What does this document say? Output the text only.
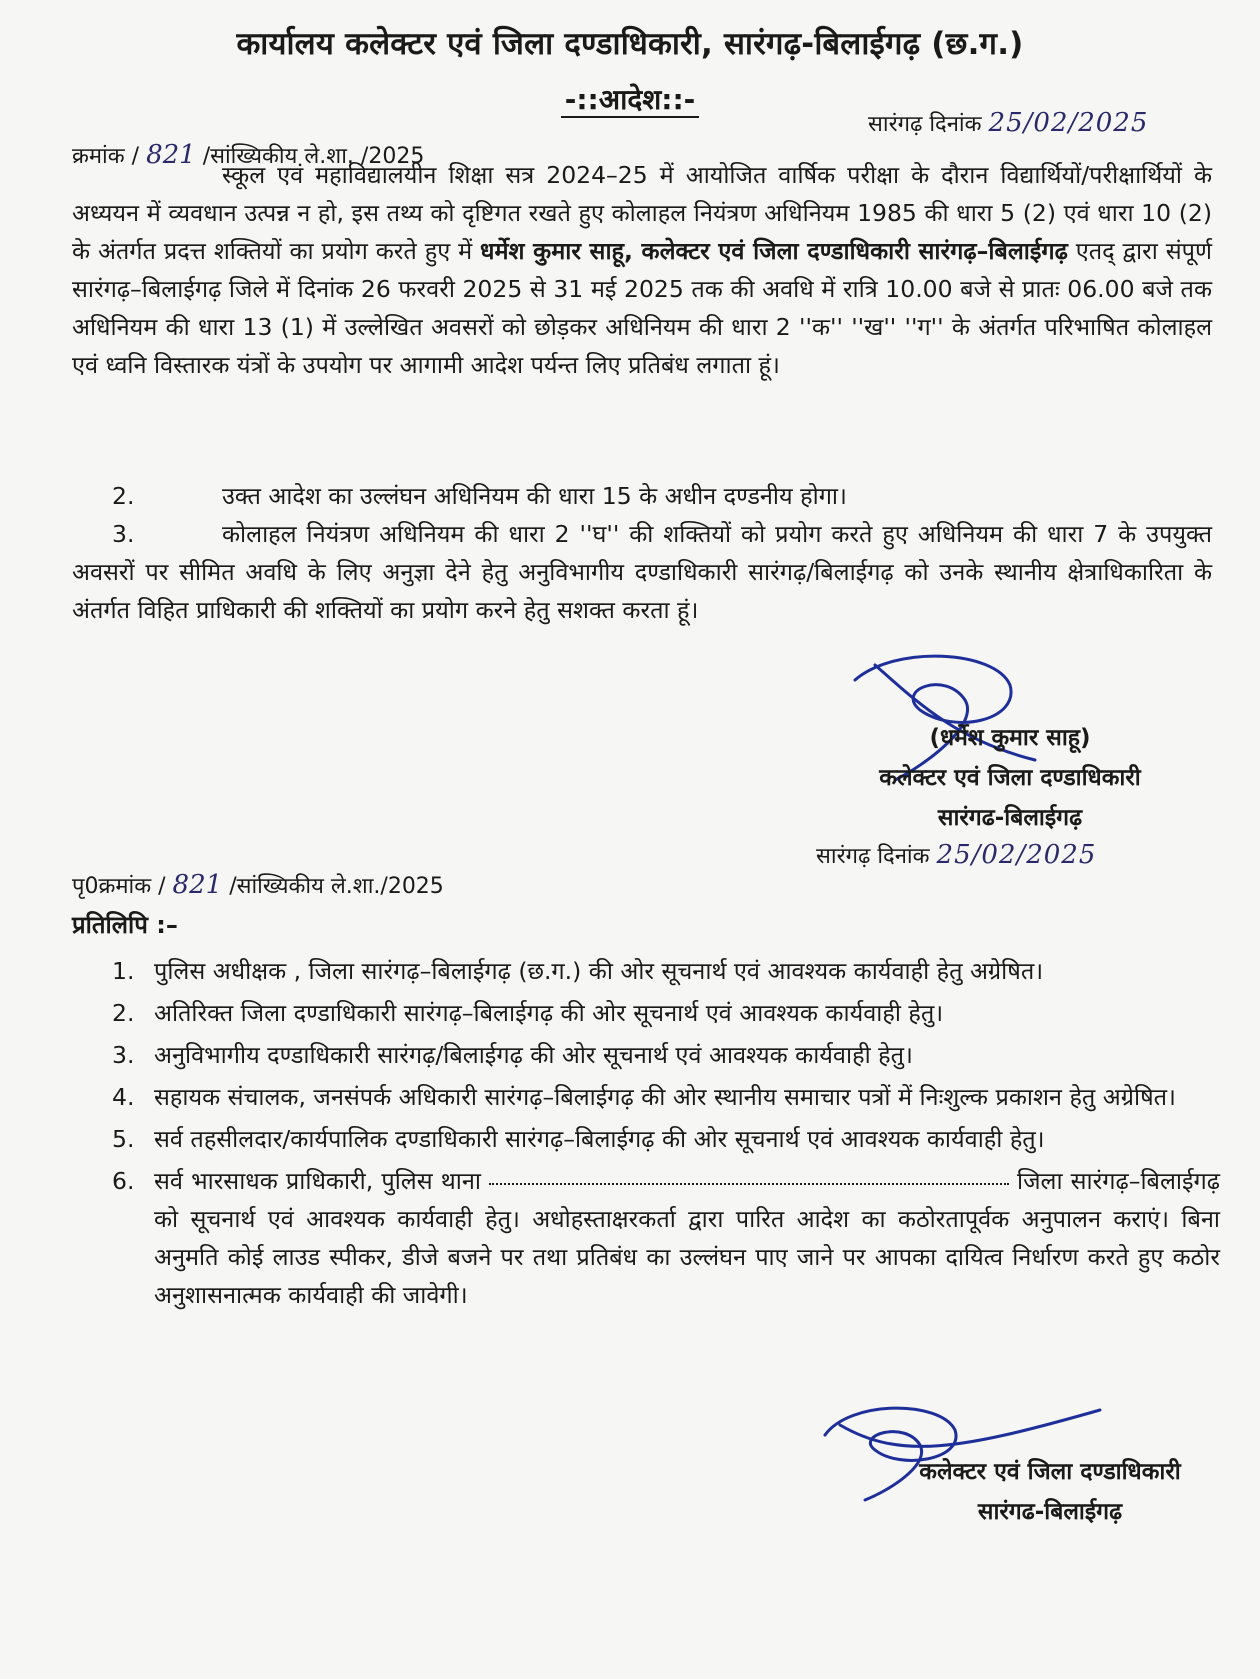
कार्यालय कलेक्टर एवं जिला दण्डाधिकारी, सारंगढ़-बिलाईगढ़ (छ.ग.)
-::आदेश::-
क्रमांक / 821 /सांख्यिकीय ले.शा. /2025
सारंगढ़ दिनांक 25/02/2025
स्कूल एवं महाविद्यालयीन शिक्षा सत्र 2024–25 में आयोजित वार्षिक परीक्षा के दौरान विद्यार्थियों/परीक्षार्थियों के अध्ययन में व्यवधान उत्पन्न न हो, इस तथ्य को दृष्टिगत रखते हुए कोलाहल नियंत्रण अधिनियम 1985 की धारा 5 (2) एवं धारा 10 (2) के अंतर्गत प्रदत्त शक्तियों का प्रयोग करते हुए में धर्मेश कुमार साहू, कलेक्टर एवं जिला दण्डाधिकारी सारंगढ़–बिलाईगढ़ एतद् द्वारा संपूर्ण सारंगढ़–बिलाईगढ़ जिले में दिनांक 26 फरवरी 2025 से 31 मई 2025 तक की अवधि में रात्रि 10.00 बजे से प्रातः 06.00 बजे तक अधिनियम की धारा 13 (1) में उल्लेखित अवसरों को छोड़कर अधिनियम की धारा 2 ''क'' ''ख'' ''ग'' के अंतर्गत परिभाषित कोलाहल एवं ध्वनि विस्तारक यंत्रों के उपयोग पर आगामी आदेश पर्यन्त लिए प्रतिबंध लगाता हूं।
2.	उक्त आदेश का उल्लंघन अधिनियम की धारा 15 के अधीन दण्डनीय होगा।
3.	कोलाहल नियंत्रण अधिनियम की धारा 2 ''घ'' की शक्तियों को प्रयोग करते हुए अधिनियम की धारा 7 के उपयुक्त अवसरों पर सीमित अवधि के लिए अनुज्ञा देने हेतु अनुविभागीय दण्डाधिकारी सारंगढ़/बिलाईगढ़ को उनके स्थानीय क्षेत्राधिकारिता के अंतर्गत विहित प्राधिकारी की शक्तियों का प्रयोग करने हेतु सशक्त करता हूं।
(धर्मेश कुमार साहू)
कलेक्टर एवं जिला दण्डाधिकारी
सारंगढ-बिलाईगढ़
पृ0क्रमांक / 821 /सांख्यिकीय ले.शा./2025
सारंगढ़ दिनांक 25/02/2025
प्रतिलिपि :–
1. पुलिस अधीक्षक , जिला सारंगढ़–बिलाईगढ़ (छ.ग.) की ओर सूचनार्थ एवं आवश्यक कार्यवाही हेतु अग्रेषित।
2. अतिरिक्त जिला दण्डाधिकारी सारंगढ़–बिलाईगढ़ की ओर सूचनार्थ एवं आवश्यक कार्यवाही हेतु।
3. अनुविभागीय दण्डाधिकारी सारंगढ़/बिलाईगढ़ की ओर सूचनार्थ एवं आवश्यक कार्यवाही हेतु।
4. सहायक संचालक, जनसंपर्क अधिकारी सारंगढ़–बिलाईगढ़ की ओर स्थानीय समाचार पत्रों में निःशुल्क प्रकाशन हेतु अग्रेषित।
5. सर्व तहसीलदार/कार्यपालिक दण्डाधिकारी सारंगढ़–बिलाईगढ़ की ओर सूचनार्थ एवं आवश्यक कार्यवाही हेतु।
6. सर्व भारसाधक प्राधिकारी, पुलिस थाना	जिला सारंगढ़–बिलाईगढ़ को सूचनार्थ एवं आवश्यक कार्यवाही हेतु। अधोहस्ताक्षरकर्ता द्वारा पारित आदेश का कठोरतापूर्वक अनुपालन कराएं। बिना अनुमति कोई लाउड स्पीकर, डीजे बजने पर तथा प्रतिबंध का उल्लंघन पाए जाने पर आपका दायित्व निर्धारण करते हुए कठोर अनुशासनात्मक कार्यवाही की जावेगी।
कलेक्टर एवं जिला दण्डाधिकारी
सारंगढ-बिलाईगढ़
